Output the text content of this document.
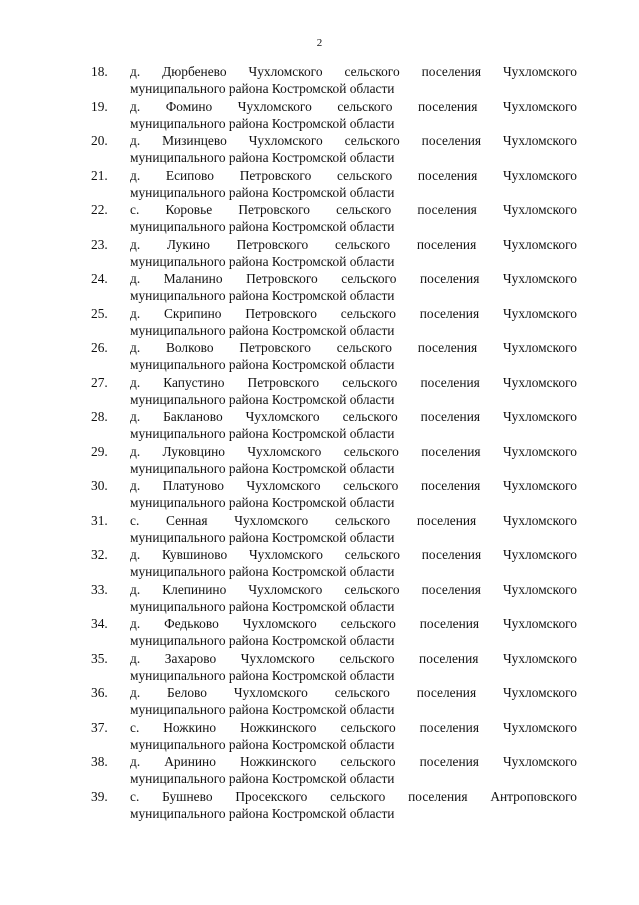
2
18.	д. Дюрбенево Чухломского сельского поселения Чухломского
муниципального района Костромской области
19.	д. Фомино Чухломского сельского поселения Чухломского
муниципального района Костромской области
20.	д. Мизинцево Чухломского сельского поселения Чухломского
муниципального района Костромской области
21.	д. Есипово Петровского сельского поселения Чухломского
муниципального района Костромской области
22.	с. Коровье Петровского сельского поселения Чухломского
муниципального района Костромской области
23.	д. Лукино Петровского сельского поселения Чухломского
муниципального района Костромской области
24.	д. Маланино Петровского сельского поселения Чухломского
муниципального района Костромской области
25.	д. Скрипино Петровского сельского поселения Чухломского
муниципального района Костромской области
26.	д. Волково Петровского сельского поселения Чухломского
муниципального района Костромской области
27.	д. Капустино Петровского сельского поселения Чухломского
муниципального района Костромской области
28.	д. Бакланово Чухломского сельского поселения Чухломского
муниципального района Костромской области
29.	д. Луковцино Чухломского сельского поселения Чухломского
муниципального района Костромской области
30.	д. Платуново Чухломского сельского поселения Чухломского
муниципального района Костромской области
31.	с. Сенная Чухломского сельского поселения Чухломского
муниципального района Костромской области
32.	д. Кувшиново Чухломского сельского поселения Чухломского
муниципального района Костромской области
33.	д. Клепинино Чухломского сельского поселения Чухломского
муниципального района Костромской области
34.	д. Федьково Чухломского сельского поселения Чухломского
муниципального района Костромской области
35.	д. Захарово Чухломского сельского поселения Чухломского
муниципального района Костромской области
36.	д. Белово Чухломского сельского поселения Чухломского
муниципального района Костромской области
37.	с. Ножкино Ножкинского сельского поселения Чухломского
муниципального района Костромской области
38.	д. Аринино Ножкинского сельского поселения Чухломского
муниципального района Костромской области
39.	с. Бушнево Просекского сельского поселения Антроповского
муниципального района Костромской области
